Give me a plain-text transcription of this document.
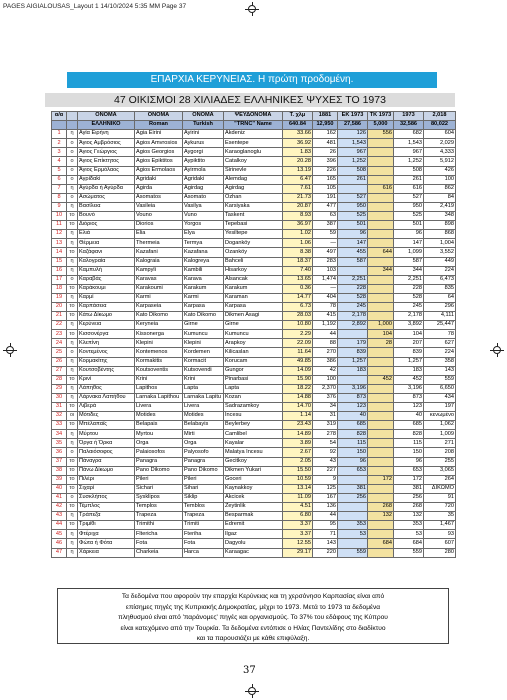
PAGES AIGIALOUSAS_Layout 1 14/10/2024 5:35 MM Page 37
ΕΠΑΡΧΙΑ ΚΕΡΥΝΕΙΑΣ. Η πρώτη προδομένη.
47 ΟΙΚΙΣΜΟΙ 28 ΧΙΛΙΑΔΕΣ ΕΛΛΗΝΙΚΕΣ ΨΥΧΕΣ ΤΟ 1973
α/α		ΟΝΟΜΑ	ΟΝΟΜΑ	ΟΝΟΜΑ	ΨΕΥΔΟΝΟΜΑ	Τ. χλμ	1881	ΕΚ 1973	ΤΚ 1973	1973	2,018
		ΕΛΛΗΝΙΚΟ	Roman	Turkish	"TRNC" Name	640.84	12,950	27,586	5,000	32,586	80,022
1	η	Αγία Ειρήνη	Agia Eirini	Ayirini	Akdeniz	33.66	162	126	556	682	604
2	ο	Άγιος Αμβρόσιος	Agios Amvrosios	Aykurus	Esentepe	36.92	481	1,543		1,543	2,029
3	ο	Άγιος Γεώργιος	Agios Georgios	Aygorgi	Karaoglanoglu	1.83	26	967		967	4,333
4	ο	Άγιος Επίκτητος	Agios Epiktitos	Aypiktito	Catalkoy	20.28	396	1,252		1,252	5,912
5	ο	Άγιος Ερμόλαος	Agios Ermolaos	Ayirmola	Sirinevle	13.19	226	508		508	426
6	ο	Αγρίδαki	Agridaki	Agridaki	Alemdag	6.47	165	261		261	100
7	η	Αγύρδα ή Αγύρδα	Agirda	Agirdag	Agirdag	7.61	105		616	616	862
8	ο	Ασώματος	Asomatos	Asomato	Ozhan	21.73	191	527		527	84
9	η	Βασίλεια	Vasileia	Vasilya	Karsiyaka	20.87	477	950		950	2,419
10	το	Βουνό	Vouno	Vuno	Taskent	8.93	63	525		525	348
11	το	Διόριος	Diorios	Yorgos	Tepebasi	36.97	387	501		501	898
12	η	Ελιά	Elia	Elya	Yesiltepe	1.02	59	96		96	868
13	η	Θέρμεια	Thermeia	Termya	Doganköy	1.06	—	147		147	1,004
14	το	Καζάφανι	Kazafani	Kazafana	Ozanköy	8.38	497	455	644	1,099	3,552
15	η	Καλογραία	Kalograia	Kalogreya	Bahceli	18.37	283	587		587	449
16	η	Καμπυλή	Kampyli	Kambili	Hisarkoy	7.40	103		344	344	224
17	ο	Καραβάς	Karavas	Karava	Alsancak	13.65	1,474	2,251		2,251	6,473
18	το	Καράκουμι	Karakoumi	Karakum	Karakum	0.36	—	228		228	835
19	η	Καρμί	Karmi	Karmi	Karaman	14.77	404	528		528	64
20	το	Καρπάσεια	Karpaseia	Karpasa	Karpasa	6.73	78	245		245	296
21	το	Κάτω Δίκωμο	Kato Dikomo	Kato Dikomo	Dikmen Asagi	28.03	415	2,178		2,178	4,111
22	η	Κερύνεια	Keryneia	Girne	Girne	10.80	1,192	2,892	1,000	3,892	25,447
23	το	Κισσονέργα	Kissonerga	Kumuncu	Kumuncu	2.29	44		104	104	78
24	η	Κλεπίνη	Klepini	Klepini	Arapkoy	22.09	88	179	28	207	627
25	ο	Κοντεμένος	Kontemenos	Kordemen	Kilicaslan	11.64	270	839		839	224
26	η	Κορμακίτης	Kormakitis	Kormacit	Korucam	49.85	386	1,257		1,257	358
27	η	Κουτσοβέντης	Koutsoventis	Kutsovendi	Gungor	14.09	42	183		183	143
28	το	Κρινί	Krini	Krini	Pinarbasi	15.90	100		452	452	559
29	η	Λάπηθος	Lapithos	Lapta	Lapta	18.22	2,370	3,196		3,196	6,650
30	η	Λάρνακα Λαπήθου	Larnaka Lapithou	Larnaka Lapitu	Kozan	14.88	376	873		873	434
31	το	Λιβερά	Livera	Livera	Sadrazamkoy	14.70	34	123		123	197
32	οι	Μότιδες	Motides	Motides	Incesu	1.14	31	40		40	κενωμένο
33	το	Μπέλαπαϊς	Belapais	Belabayis	Beylerbey	23.43	319	685		685	1,062
34	η	Μύρτου	Myrtou	Mirti	Camlibel	14.89	278	828		828	1,009
35	η	Όργα ή Όρκα	Orga	Orga	Kayalar	3.89	54	115		115	271
36	ο	Παλαιόσοφος	Palaiosofos	Palyosofo	Malatya Incesu	2.67	92	150		150	208
37	το	Πάναγρα	Panagra	Panagra	Gecitkoy	2.05	43	96		96	255
38	το	Πάνω Δίκωμο	Pano Dikomo	Pano Dikomo	Dikmen Yukari	15.50	227	653		653	3,065
39	το	Πιλέρι	Pileri	Pileri	Goceri	10.59	9		172	172	264
40	το	Σιχαρί	Sichari	Sihari	Kaynakkoy	13.14	125	381		381	ΔΙΚΩΜΟ
41	ο	Συσκλήπος	Sysklipos	Siklip	Akcicek	11.09	167	256		256	91
42	το	Τέμπλος	Templos	Temblos	Zeytinlik	4.51	136		268	268	720
43	η	Τράπεζα	Trapeza	Trapeza	Besparmak	6.80	44		132	132	35
44	το	Τριμίθι	Trimithi	Trimiti	Edremit	3.37	95	353		353	1,467
45	η	Φτέριχα	Fltericha	Fteriha	Ilgaz	3.37	71	53		53	93
46	η	Φώτα ή Φότα	Fota	Fota	Dagyolu	12.55	143		684	684	607
47	η	Χάρκεια	Charkeia	Harca	Karaagac	29.17	220	559		559	280
Τα δεδομένα που αφορούν την επαρχία Κερύνειας και τη χερσόνησο Καρπασίας είναι από
επίσημες πηγές της Κυπριακής Δημοκρατίας, μέχρι το 1973. Μετά το 1973 τα δεδομένα
πληθυσμού είναι από 'παράνομες' πηγές και οργανισμούς. Το 37% του εδάφους της Κύπρου
είναι κατεχόμενο από την Τουρκία. Τα δεδομένα εντόπισε ο Ηλίας Παντελίδης στο διαδίκτυο
και τα παρουσιάζει με κάθε επιφύλαξη.
37
